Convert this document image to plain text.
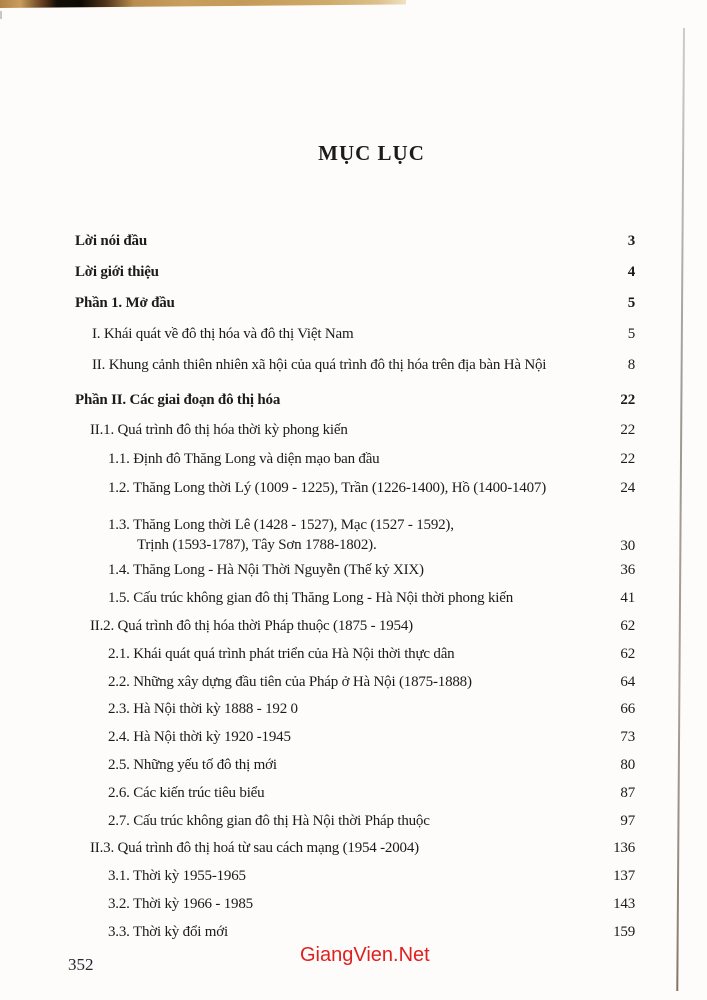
MỤC LỤC
Lời nói đầu	3
Lời giới thiệu	4
Phần 1. Mở đầu	5
I. Khái quát về đô thị hóa và đô thị Việt Nam	5
II. Khung cảnh thiên nhiên xã hội của quá trình đô thị hóa trên địa bàn Hà Nội	8
Phần II. Các giai đoạn đô thị hóa	22
II.1. Quá trình đô thị hóa thời kỳ phong kiến	22
1.1. Định đô Thăng Long và diện mạo ban đầu	22
1.2. Thăng Long thời Lý (1009 - 1225), Trần (1226-1400), Hồ (1400-1407)	24
1.3. Thăng Long thời Lê (1428 - 1527), Mạc (1527 - 1592),
Trịnh (1593-1787), Tây Sơn 1788-1802).	30
1.4. Thăng Long - Hà Nội Thời Nguyễn (Thế kỷ XIX)	36
1.5. Cấu trúc không gian đô thị Thăng Long - Hà Nội thời phong kiến	41
II.2. Quá trình đô thị hóa thời Pháp thuộc (1875 - 1954)	62
2.1. Khái quát quá trình phát triển của Hà Nội thời thực dân	62
2.2. Những xây dựng đầu tiên của Pháp ở Hà Nội (1875-1888)	64
2.3. Hà Nội thời kỳ 1888 - 192 0	66
2.4. Hà Nội thời kỳ 1920 -1945	73
2.5. Những yếu tố đô thị mới	80
2.6. Các kiến trúc tiêu biểu	87
2.7. Cấu trúc không gian đô thị Hà Nội thời Pháp thuộc	97
II.3. Quá trình đô thị hoá từ sau cách mạng (1954 -2004)	136
3.1. Thời kỳ 1955-1965	137
3.2. Thời kỳ 1966 - 1985	143
3.3. Thời kỳ đổi mới	159
GiangVien.Net
352
